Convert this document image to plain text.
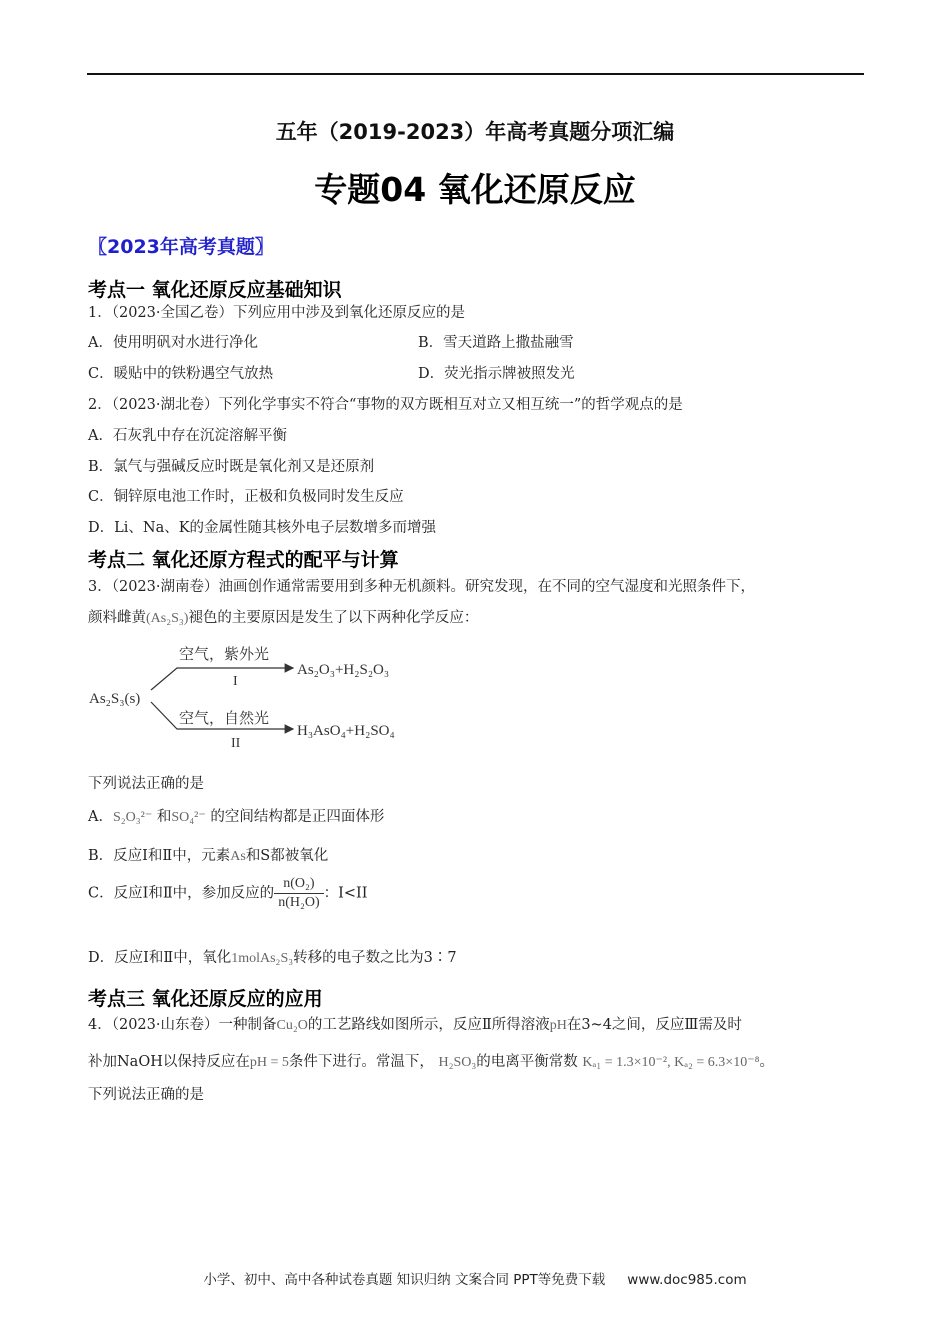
五年（2019-2023）年高考真题分项汇编
专题04 氧化还原反应
〖2023年高考真题〗
考点一 氧化还原反应基础知识
1．（2023·全国乙卷）下列应用中涉及到氧化还原反应的是
A．使用明矾对水进行净化	B．雪天道路上撒盐融雪
C．暖贴中的铁粉遇空气放热	D．荧光指示牌被照发光
2．（2023·湖北卷）下列化学事实不符合“事物的双方既相互对立又相互统一”的哲学观点的是
A．石灰乳中存在沉淀溶解平衡
B．氯气与强碱反应时既是氧化剂又是还原剂
C．铜锌原电池工作时，正极和负极同时发生反应
D．Li、Na、K的金属性随其核外电子层数增多而增强
考点二 氧化还原方程式的配平与计算
3．（2023·湖南卷）油画创作通常需要用到多种无机颜料。研究发现，在不同的空气湿度和光照条件下，
颜料雌黄(As₂S₃)褪色的主要原因是发生了以下两种化学反应：
As₂S₃(s)
空气，紫外光
I
As₂O₃+H₂S₂O₃
空气，自然光
II
H₃AsO₄+H₂SO₄
下列说法正确的是
A．S₂O₃²⁻ 和SO₄²⁻ 的空间结构都是正四面体形
B．反应Ⅰ和Ⅱ中，元素As和S都被氧化
C．反应Ⅰ和Ⅱ中，参加反应的 $\frac{\text{n(O₂)}}{\text{n(H₂O)}}$ ：Ⅰ<II
D．反应Ⅰ和Ⅱ中，氧化1molAs₂S₃转移的电子数之比为3∶7
考点三 氧化还原反应的应用
4．（2023·山东卷）一种制备Cu₂O的工艺路线如图所示，反应Ⅱ所得溶液pH在3~4之间，反应Ⅲ需及时
补加NaOH以保持反应在pH = 5条件下进行。常温下， H₂SO₃的电离平衡常数 Kₐ₁ = 1.3×10⁻², Kₐ₂ = 6.3×10⁻⁸。
下列说法正确的是
小学、初中、高中各种试卷真题 知识归纳 文案合同 PPT等免费下载 www.doc985.com
